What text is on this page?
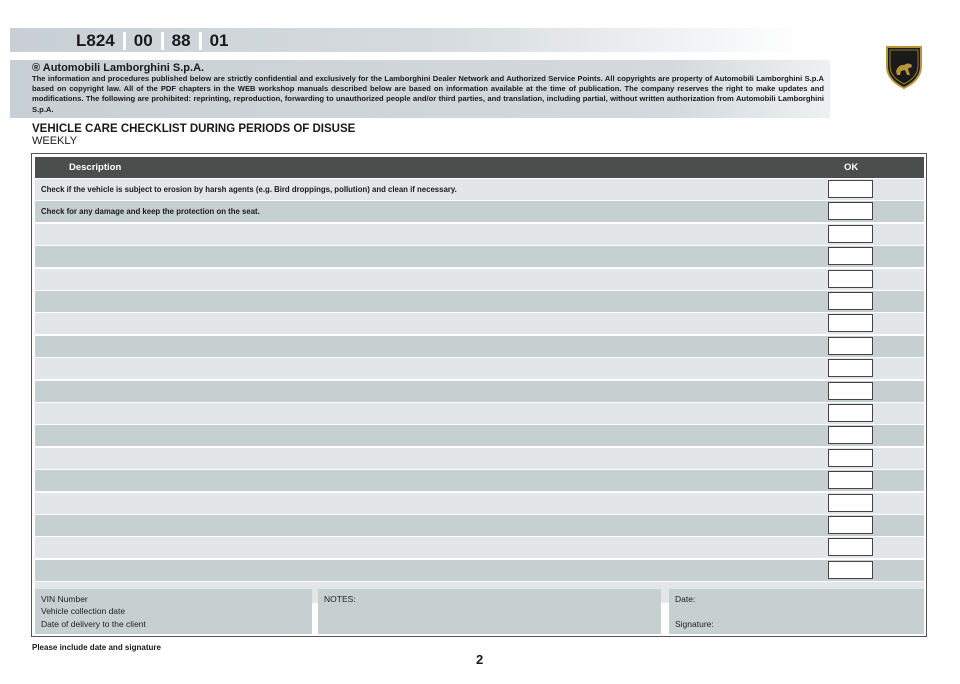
L824	00	88	01
® Automobili Lamborghini S.p.A.
The information and procedures published below are strictly confidential and exclusively for the Lamborghini Dealer Network and Authorized Service Points. All copyrights are property of Automobili Lamborghini S.p.A based on copyright law. All of the PDF chapters in the WEB workshop manuals described below are based on information available at the time of publication. The company reserves the right to make updates and modifications. The following are prohibited: reprinting, reproduction, forwarding to unauthorized people and/or third parties, and translation, including partial, without written authorization from Automobili Lamborghini S.p.A.
VEHICLE CARE CHECKLIST DURING PERIODS OF DISUSE
WEEKLY
Description	OK
Check if the vehicle is subject to erosion by harsh agents (e.g. Bird droppings, pollution) and clean if necessary.
Check for any damage and keep the protection on the seat.
VIN Number
Vehicle collection date
Date of delivery to the client
NOTES:	Date:
Signature:
Please include date and signature
2
